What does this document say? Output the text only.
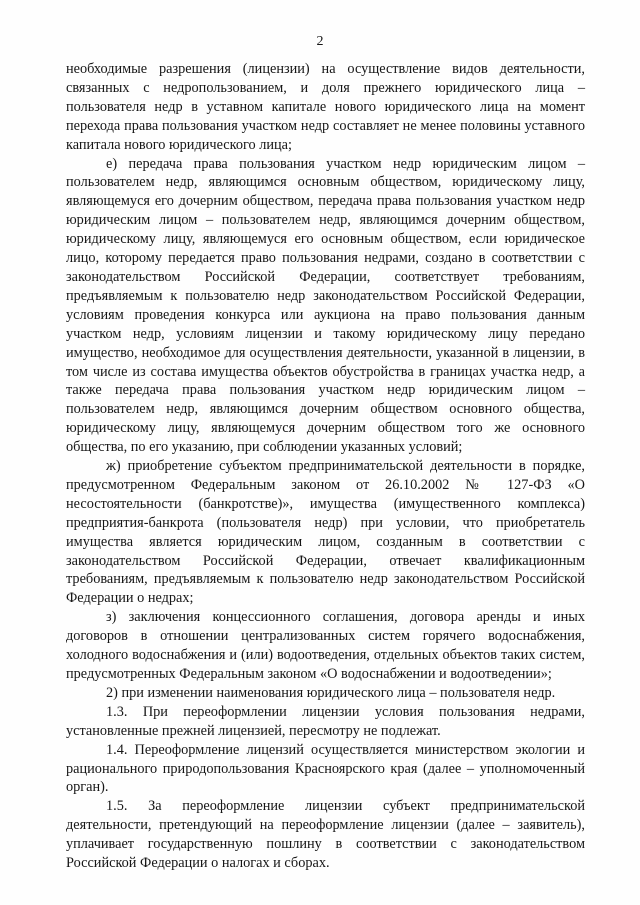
2

необходимые разрешения (лицензии) на осуществление видов деятельности, связанных с недропользованием, и доля прежнего юридического лица – пользователя недр в уставном капитале нового юридического лица на момент перехода права пользования участком недр составляет не менее половины уставного капитала нового юридического лица;

е) передача права пользования участком недр юридическим лицом – пользователем недр, являющимся основным обществом, юридическому лицу, являющемуся его дочерним обществом, передача права пользования участком недр юридическим лицом – пользователем недр, являющимся дочерним обществом, юридическому лицу, являющемуся его основным обществом, если юридическое лицо, которому передается право пользования недрами, создано в соответствии с законодательством Российской Федерации, соответствует требованиям, предъявляемым к пользователю недр законодательством Российской Федерации, условиям проведения конкурса или аукциона на право пользования данным участком недр, условиям лицензии и такому юридическому лицу передано имущество, необходимое для осуществления деятельности, указанной в лицензии, в том числе из состава имущества объектов обустройства в границах участка недр, а также передача права пользования участком недр юридическим лицом – пользователем недр, являющимся дочерним обществом основного общества, юридическому лицу, являющемуся дочерним обществом того же основного общества, по его указанию, при соблюдении указанных условий;

ж) приобретение субъектом предпринимательской деятельности в порядке, предусмотренном Федеральным законом от 26.10.2002 № 127-ФЗ «О несостоятельности (банкротстве)», имущества (имущественного комплекса) предприятия-банкрота (пользователя недр) при условии, что приобретатель имущества является юридическим лицом, созданным в соответствии с законодательством Российской Федерации, отвечает квалификационным требованиям, предъявляемым к пользователю недр законодательством Российской Федерации о недрах;

з) заключения концессионного соглашения, договора аренды и иных договоров в отношении централизованных систем горячего водоснабжения, холодного водоснабжения и (или) водоотведения, отдельных объектов таких систем, предусмотренных Федеральным законом «О водоснабжении и водоотведении»;

2) при изменении наименования юридического лица – пользователя недр.

1.3. При переоформлении лицензии условия пользования недрами, установленные прежней лицензией, пересмотру не подлежат.

1.4. Переоформление лицензий осуществляется министерством экологии и рационального природопользования Красноярского края (далее – уполномоченный орган).

1.5. За переоформление лицензии субъект предпринимательской деятельности, претендующий на переоформление лицензии (далее – заявитель), уплачивает государственную пошлину в соответствии с законодательством Российской Федерации о налогах и сборах.
